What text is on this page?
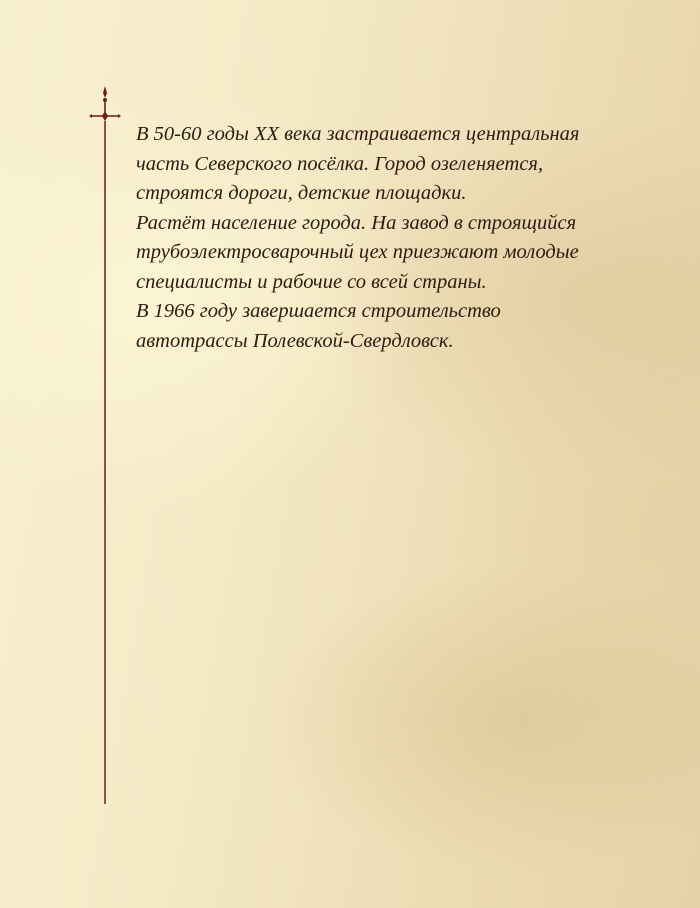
В 50-60 годы XX века застраивается центральная
часть Северского посёлка. Город озеленяется,
строятся дороги, детские площадки.
Растёт население города. На завод в строящийся
трубоэлектросварочный цех приезжают молодые
специалисты и рабочие со всей страны.
В 1966 году завершается строительство
автотрассы Полевской-Свердловск.
